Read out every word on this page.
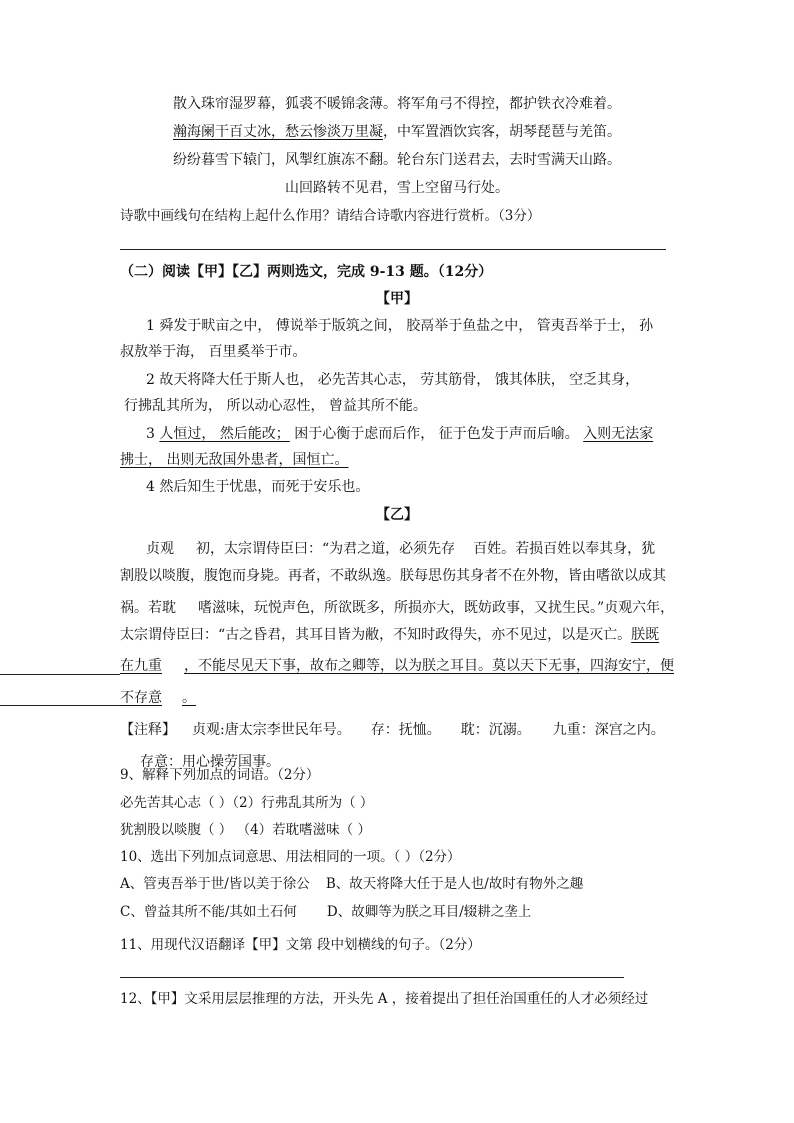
散入珠帘湿罗幕，狐裘不暖锦衾薄。将军角弓不得控，都护铁衣冷难着。
瀚海阑干百丈冰，愁云惨淡万里凝，中军置酒饮宾客，胡琴琵琶与羌笛。
纷纷暮雪下辕门，风掣红旗冻不翻。轮台东门送君去，去时雪满天山路。
山回路转不见君，雪上空留马行处。
诗歌中画线句在结构上起什么作用？请结合诗歌内容进行赏析。（3分）
（二）阅读【甲】【乙】两则选文，完成 9-13 题。（12分）
【甲】
1 舜发于畎亩之中， 傅说举于版筑之间， 胶鬲举于鱼盐之中， 管夷吾举于士， 孙
叔敖举于海， 百里奚举于市。
2 故天将降大任于斯人也， 必先苦其心志， 劳其筋骨， 饿其体肤， 空乏其身，
行拂乱其所为， 所以动心忍性， 曾益其所不能。
3 人恒过， 然后能改； 困于心衡于虑而后作， 征于色发于声而后喻。 入则无法家
拂士， 出则无敌国外患者，国恒亡。
4 然后知生于忧患，而死于安乐也。
【乙】
贞观 初，太宗谓侍臣曰：“为君之道，必须先存 百姓。若损百姓以奉其身，犹
割股以啖腹，腹饱而身毙。再者，不敢纵逸。朕每思伤其身者不在外物，皆由嗜欲以成其
祸。若耽 嗜滋味，玩悦声色，所欲既多，所损亦大，既妨政事，又扰生民。”贞观六年，
太宗谓侍臣曰：“古之昏君，其耳目皆为敝，不知时政得失，亦不见过，以是灭亡。朕既
在九重 ，不能尽见天下事，故布之卿等，以为朕之耳目。莫以天下无事，四海安宁，便
不存意 。
【注释】 贞观:唐太宗李世民年号。 存：抚恤。 耽：沉溺。 九重：深宫之内。
存意：用心操劳国事。
9、解释下列加点的词语。（2分）
必先苦其心志（ ）（2）行弗乱其所为（ ）
犹割股以啖腹（ ） （4）若耽嗜滋味（ ）
10、选出下列加点词意思、用法相同的一项。（ ）（2分）
A、管夷吾举于世/皆以美于徐公 B、故天将降大任于是人也/故时有物外之趣
C、曾益其所不能/其如土石何 D、故卿等为朕之耳目/辍耕之垄上
11、用现代汉语翻译【甲】文第 段中划横线的句子。（2分）
12、【甲】文采用层层推理的方法，开头先 A ，接着提出了担任治国重任的人才必须经过
